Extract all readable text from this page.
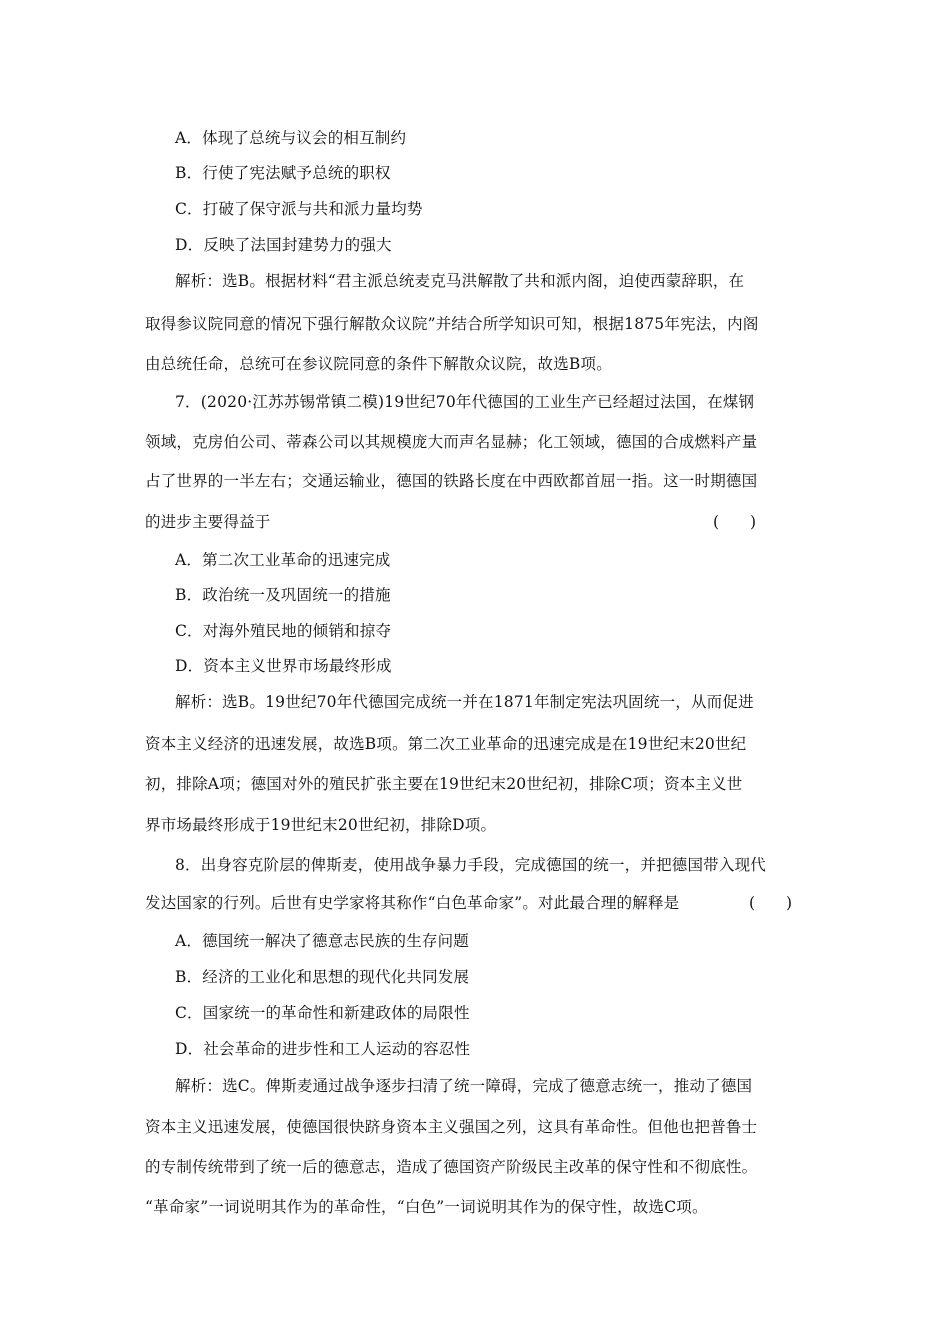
A．体现了总统与议会的相互制约
B．行使了宪法赋予总统的职权
C．打破了保守派与共和派力量均势
D．反映了法国封建势力的强大
解析：选B。根据材料“君主派总统麦克马洪解散了共和派内阁，迫使西蒙辞职，在
取得参议院同意的情况下强行解散众议院”并结合所学知识可知，根据1875年宪法，内阁
由总统任命，总统可在参议院同意的条件下解散众议院，故选B项。
7．(2020·江苏苏锡常镇二模)19世纪70年代德国的工业生产已经超过法国，在煤钢
领域，克房伯公司、蒂森公司以其规模庞大而声名显赫；化工领域，德国的合成燃料产量
占了世界的一半左右；交通运输业，德国的铁路长度在中西欧都首屈一指。这一时期德国
的进步主要得益于	(　　)
A．第二次工业革命的迅速完成
B．政治统一及巩固统一的措施
C．对海外殖民地的倾销和掠夺
D．资本主义世界市场最终形成
解析：选B。19世纪70年代德国完成统一并在1871年制定宪法巩固统一，从而促进
资本主义经济的迅速发展，故选B项。第二次工业革命的迅速完成是在19世纪末20世纪
初，排除A项；德国对外的殖民扩张主要在19世纪末20世纪初，排除C项；资本主义世
界市场最终形成于19世纪末20世纪初，排除D项。
8．出身容克阶层的俾斯麦，使用战争暴力手段，完成德国的统一，并把德国带入现代
发达国家的行列。后世有史学家将其称作“白色革命家”。对此最合理的解释是	(　　)
A．德国统一解决了德意志民族的生存问题
B．经济的工业化和思想的现代化共同发展
C．国家统一的革命性和新建政体的局限性
D．社会革命的进步性和工人运动的容忍性
解析：选C。俾斯麦通过战争逐步扫清了统一障碍，完成了德意志统一，推动了德国
资本主义迅速发展，使德国很快跻身资本主义强国之列，这具有革命性。但他也把普鲁士
的专制传统带到了统一后的德意志，造成了德国资产阶级民主改革的保守性和不彻底性。
“革命家”一词说明其作为的革命性，“白色”一词说明其作为的保守性，故选C项。
